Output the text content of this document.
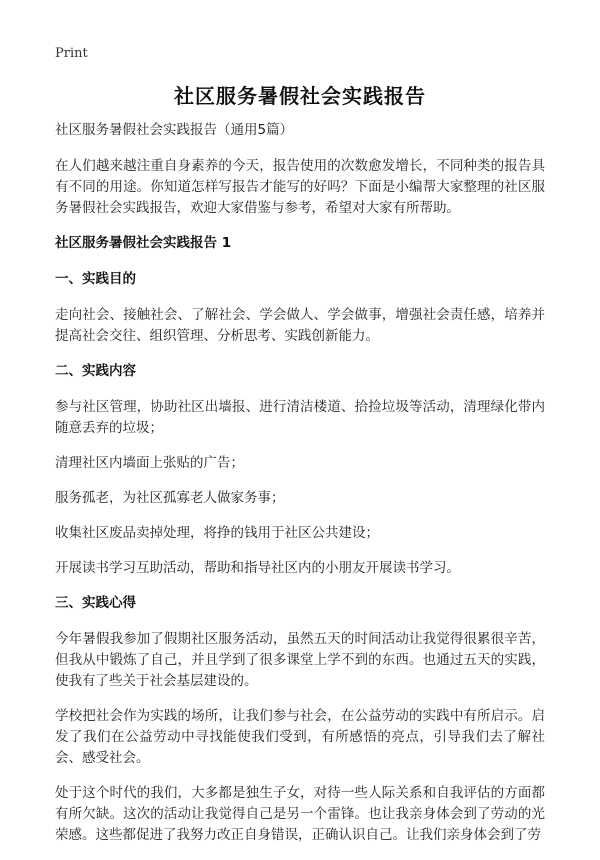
Print
社区服务暑假社会实践报告

社区服务暑假社会实践报告（通用5篇）

在人们越来越注重自身素养的今天，报告使用的次数愈发增长，不同种类的报告具有不同的用途。你知道怎样写报告才能写的好吗？下面是小编帮大家整理的社区服务暑假社会实践报告，欢迎大家借鉴与参考，希望对大家有所帮助。

社区服务暑假社会实践报告 1
一、实践目的

走向社会、接触社会、了解社会、学会做人、学会做事，增强社会责任感，培养并提高社会交往、组织管理、分析思考、实践创新能力。

二、实践内容

参与社区管理，协助社区出墙报、进行清洁楼道、拾捡垃圾等活动，清理绿化带内随意丢弃的垃圾；

清理社区内墙面上张贴的广告；

服务孤老，为社区孤寡老人做家务事；

收集社区废品卖掉处理，将挣的钱用于社区公共建设；

开展读书学习互助活动，帮助和指导社区内的小朋友开展读书学习。

三、实践心得

今年暑假我参加了假期社区服务活动，虽然五天的时间活动让我觉得很累很辛苦，但我从中锻炼了自己，并且学到了很多课堂上学不到的东西。也通过五天的实践，使我有了些关于社会基层建设的。

学校把社会作为实践的场所，让我们参与社会，在公益劳动的实践中有所启示。启发了我们在公益劳动中寻找能使我们受到，有所感悟的亮点，引导我们去了解社会、感受社会。

处于这个时代的我们，大多都是独生子女，对待一些人际关系和自我评估的方面都有所欠缺。这次的活动让我觉得自己是另一个雷锋。也让我亲身体会到了劳动的光荣感。这些都促进了我努力改正自身错误，正确认识自己。让我们亲身体会到了劳
